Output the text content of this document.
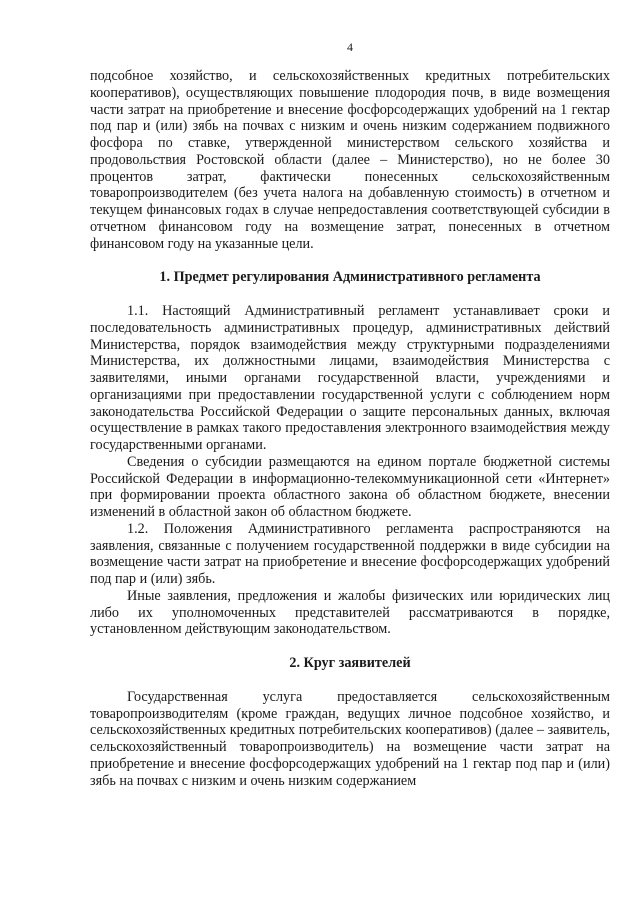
4

подсобное хозяйство, и сельскохозяйственных кредитных потребительских кооперативов), осуществляющих повышение плодородия почв, в виде возмещения части затрат на приобретение и внесение фосфорсодержащих удобрений на 1 гектар под пар и (или) зябь на почвах с низким и очень низким содержанием подвижного фосфора по ставке, утвержденной министерством сельского хозяйства и продовольствия Ростовской области (далее – Министерство), но не более 30 процентов затрат, фактически понесенных сельскохозяйственным товаропроизводителем (без учета налога на добавленную стоимость) в отчетном и текущем финансовых годах в случае непредоставления соответствующей субсидии в отчетном финансовом году на возмещение затрат, понесенных в отчетном финансовом году на указанные цели.

1. Предмет регулирования Административного регламента

1.1. Настоящий Административный регламент устанавливает сроки и последовательность административных процедур, административных действий Министерства, порядок взаимодействия между структурными подразделениями Министерства, их должностными лицами, взаимодействия Министерства с заявителями, иными органами государственной власти, учреждениями и организациями при предоставлении государственной услуги с соблюдением норм законодательства Российской Федерации о защите персональных данных, включая осуществление в рамках такого предоставления электронного взаимодействия между государственными органами.

Сведения о субсидии размещаются на едином портале бюджетной системы Российской Федерации в информационно-телекоммуникационной сети «Интернет» при формировании проекта областного закона об областном бюджете, внесении изменений в областной закон об областном бюджете.

1.2. Положения Административного регламента распространяются на заявления, связанные с получением государственной поддержки в виде субсидии на возмещение части затрат на приобретение и внесение фосфорсодержащих удобрений под пар и (или) зябь.

Иные заявления, предложения и жалобы физических или юридических лиц либо их уполномоченных представителей рассматриваются в порядке, установленном действующим законодательством.

2. Круг заявителей

Государственная услуга предоставляется сельскохозяйственным товаропроизводителям (кроме граждан, ведущих личное подсобное хозяйство, и сельскохозяйственных кредитных потребительских кооперативов) (далее – заявитель, сельскохозяйственный товаропроизводитель) на возмещение части затрат на приобретение и внесение фосфорсодержащих удобрений на 1 гектар под пар и (или) зябь на почвах с низким и очень низким содержанием
